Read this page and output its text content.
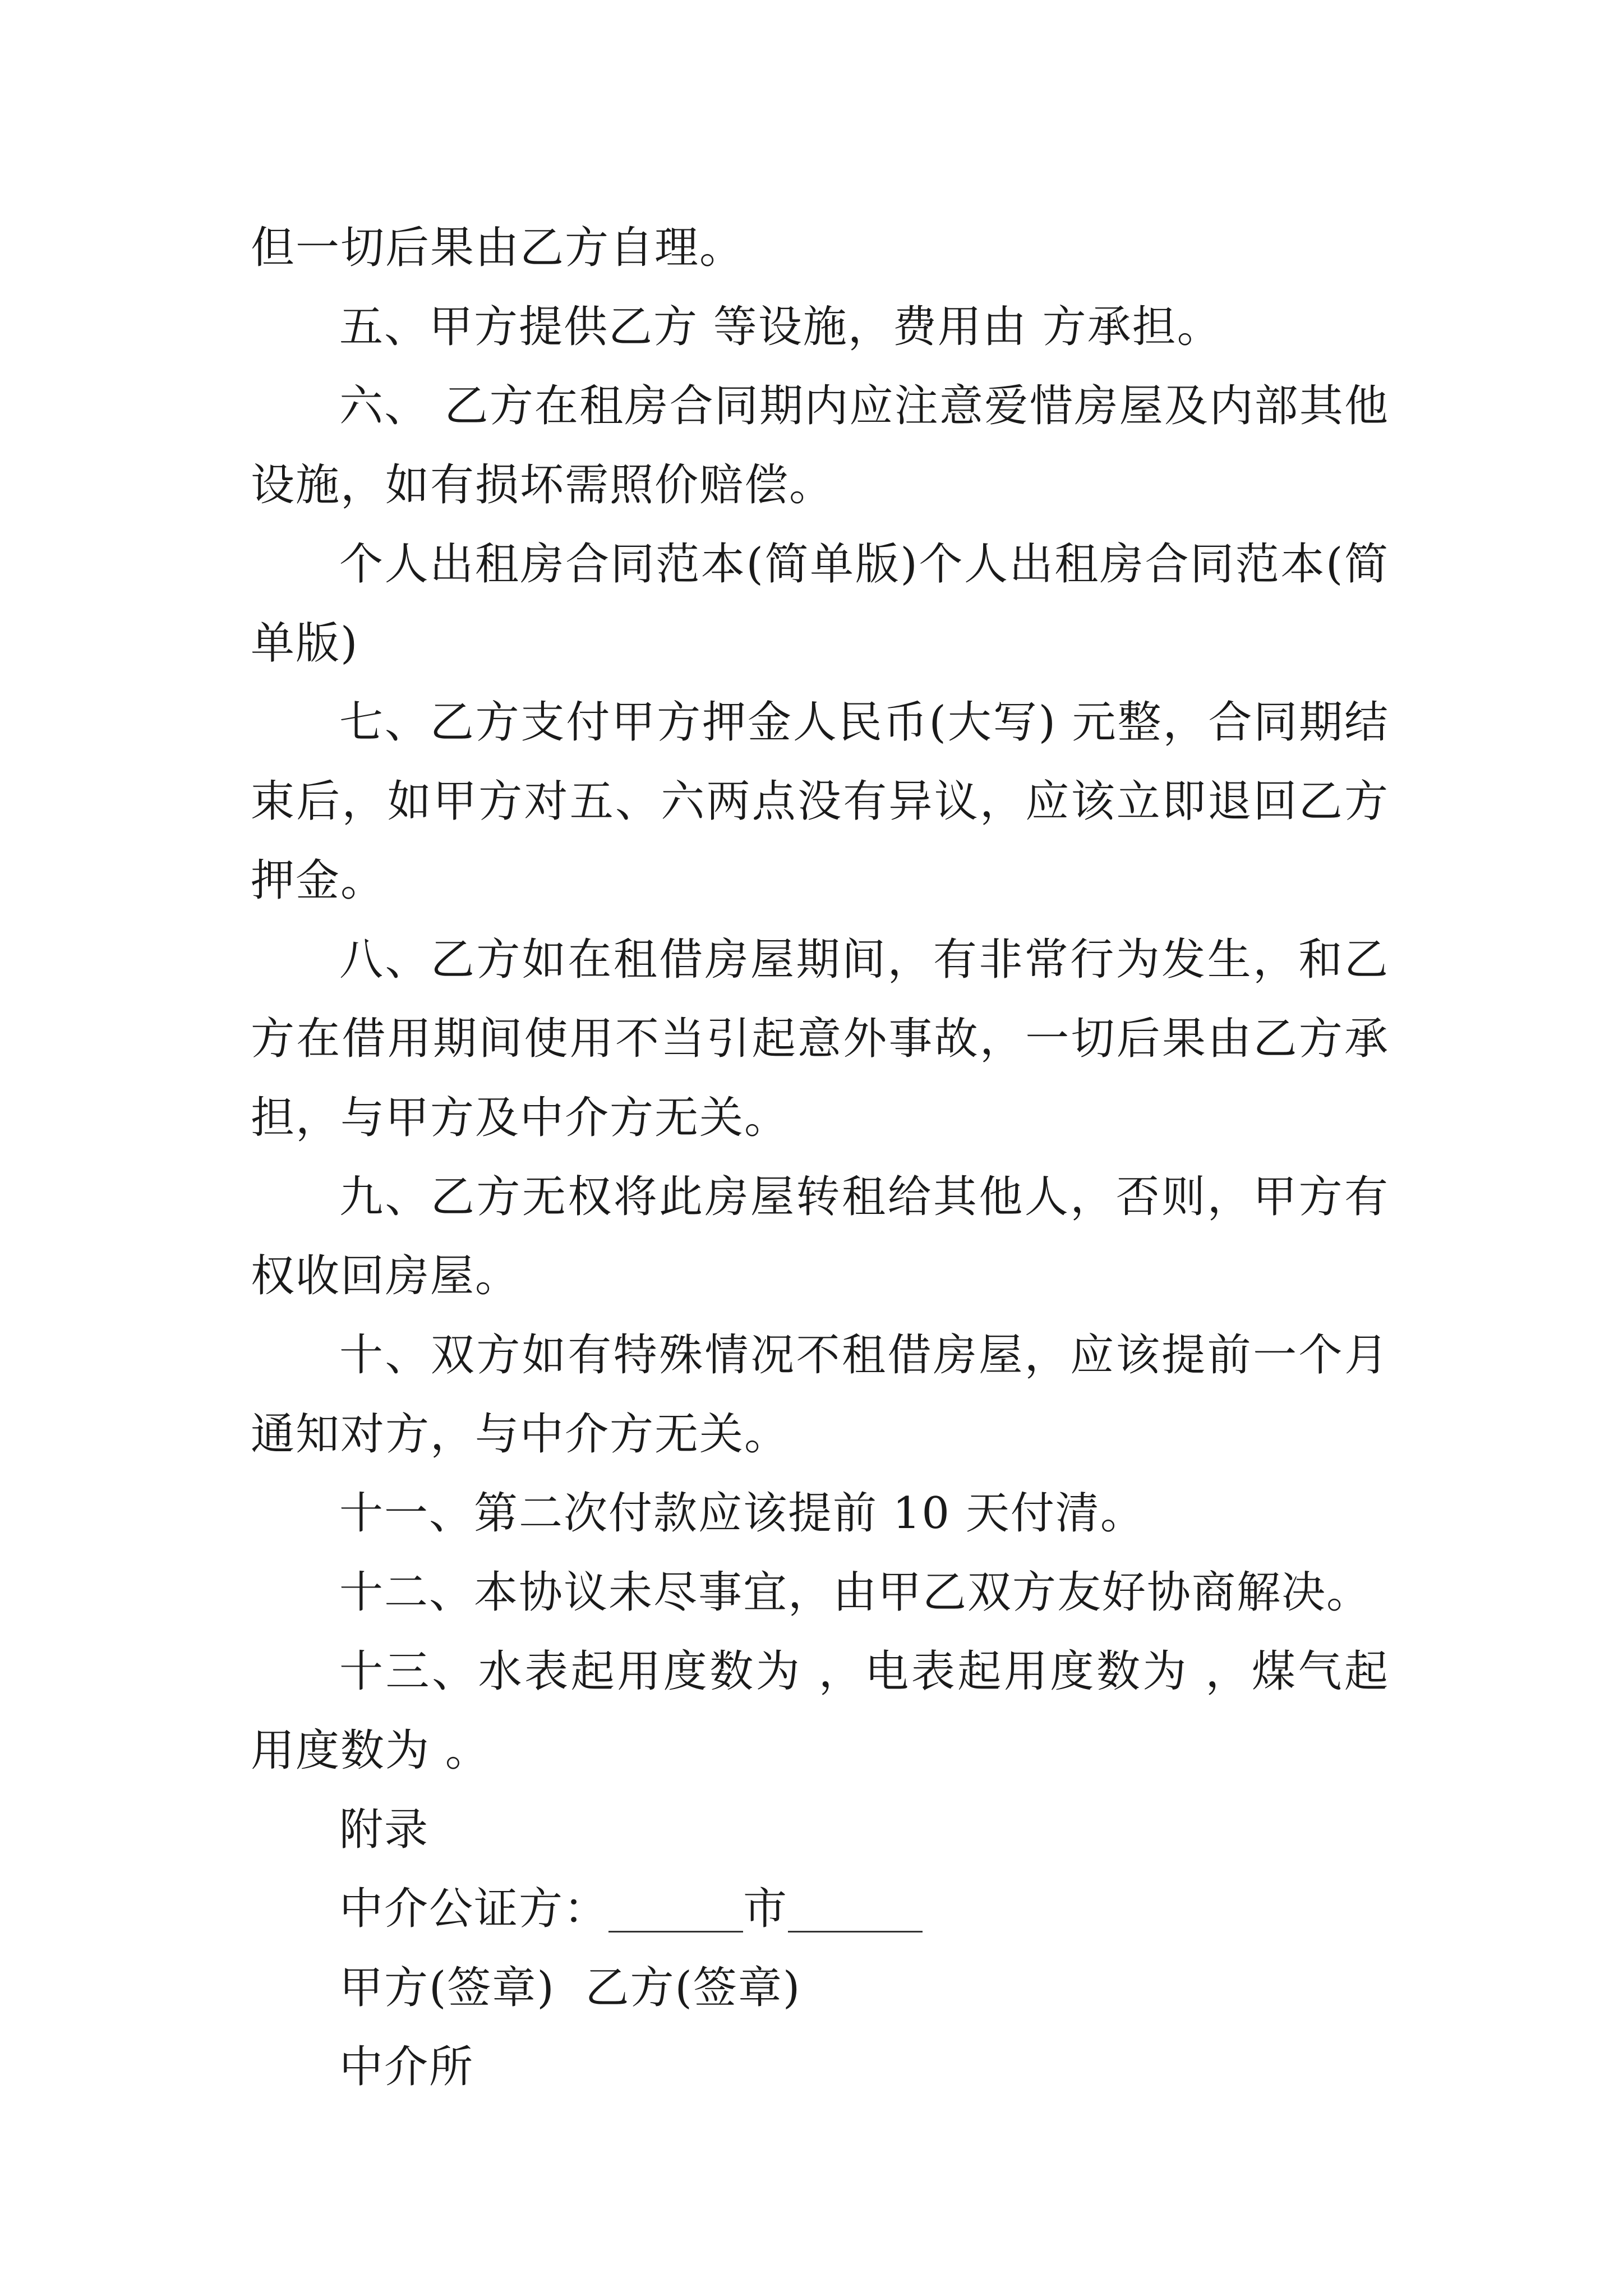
但一切后果由乙方自理。

五、甲方提供乙方 等设施，费用由 方承担。

六、 乙方在租房合同期内应注意爱惜房屋及内部其他设施，如有损坏需照价赔偿。

个人出租房合同范本(简单版)个人出租房合同范本(简单版)

七、乙方支付甲方押金人民币(大写) 元整，合同期结束后，如甲方对五、六两点没有异议，应该立即退回乙方押金。

八、乙方如在租借房屋期间，有非常行为发生，和乙方在借用期间使用不当引起意外事故，一切后果由乙方承担，与甲方及中介方无关。

九、乙方无权将此房屋转租给其他人，否则，甲方有权收回房屋。

十、双方如有特殊情况不租借房屋，应该提前一个月通知对方，与中介方无关。

十一、第二次付款应该提前 10 天付清。

十二、本协议未尽事宜，由甲乙双方友好协商解决。

十三、水表起用度数为 ，电表起用度数为 ，煤气起用度数为 。

附录

中介公证方：	市

甲方(签章)  乙方(签章)

中介所
